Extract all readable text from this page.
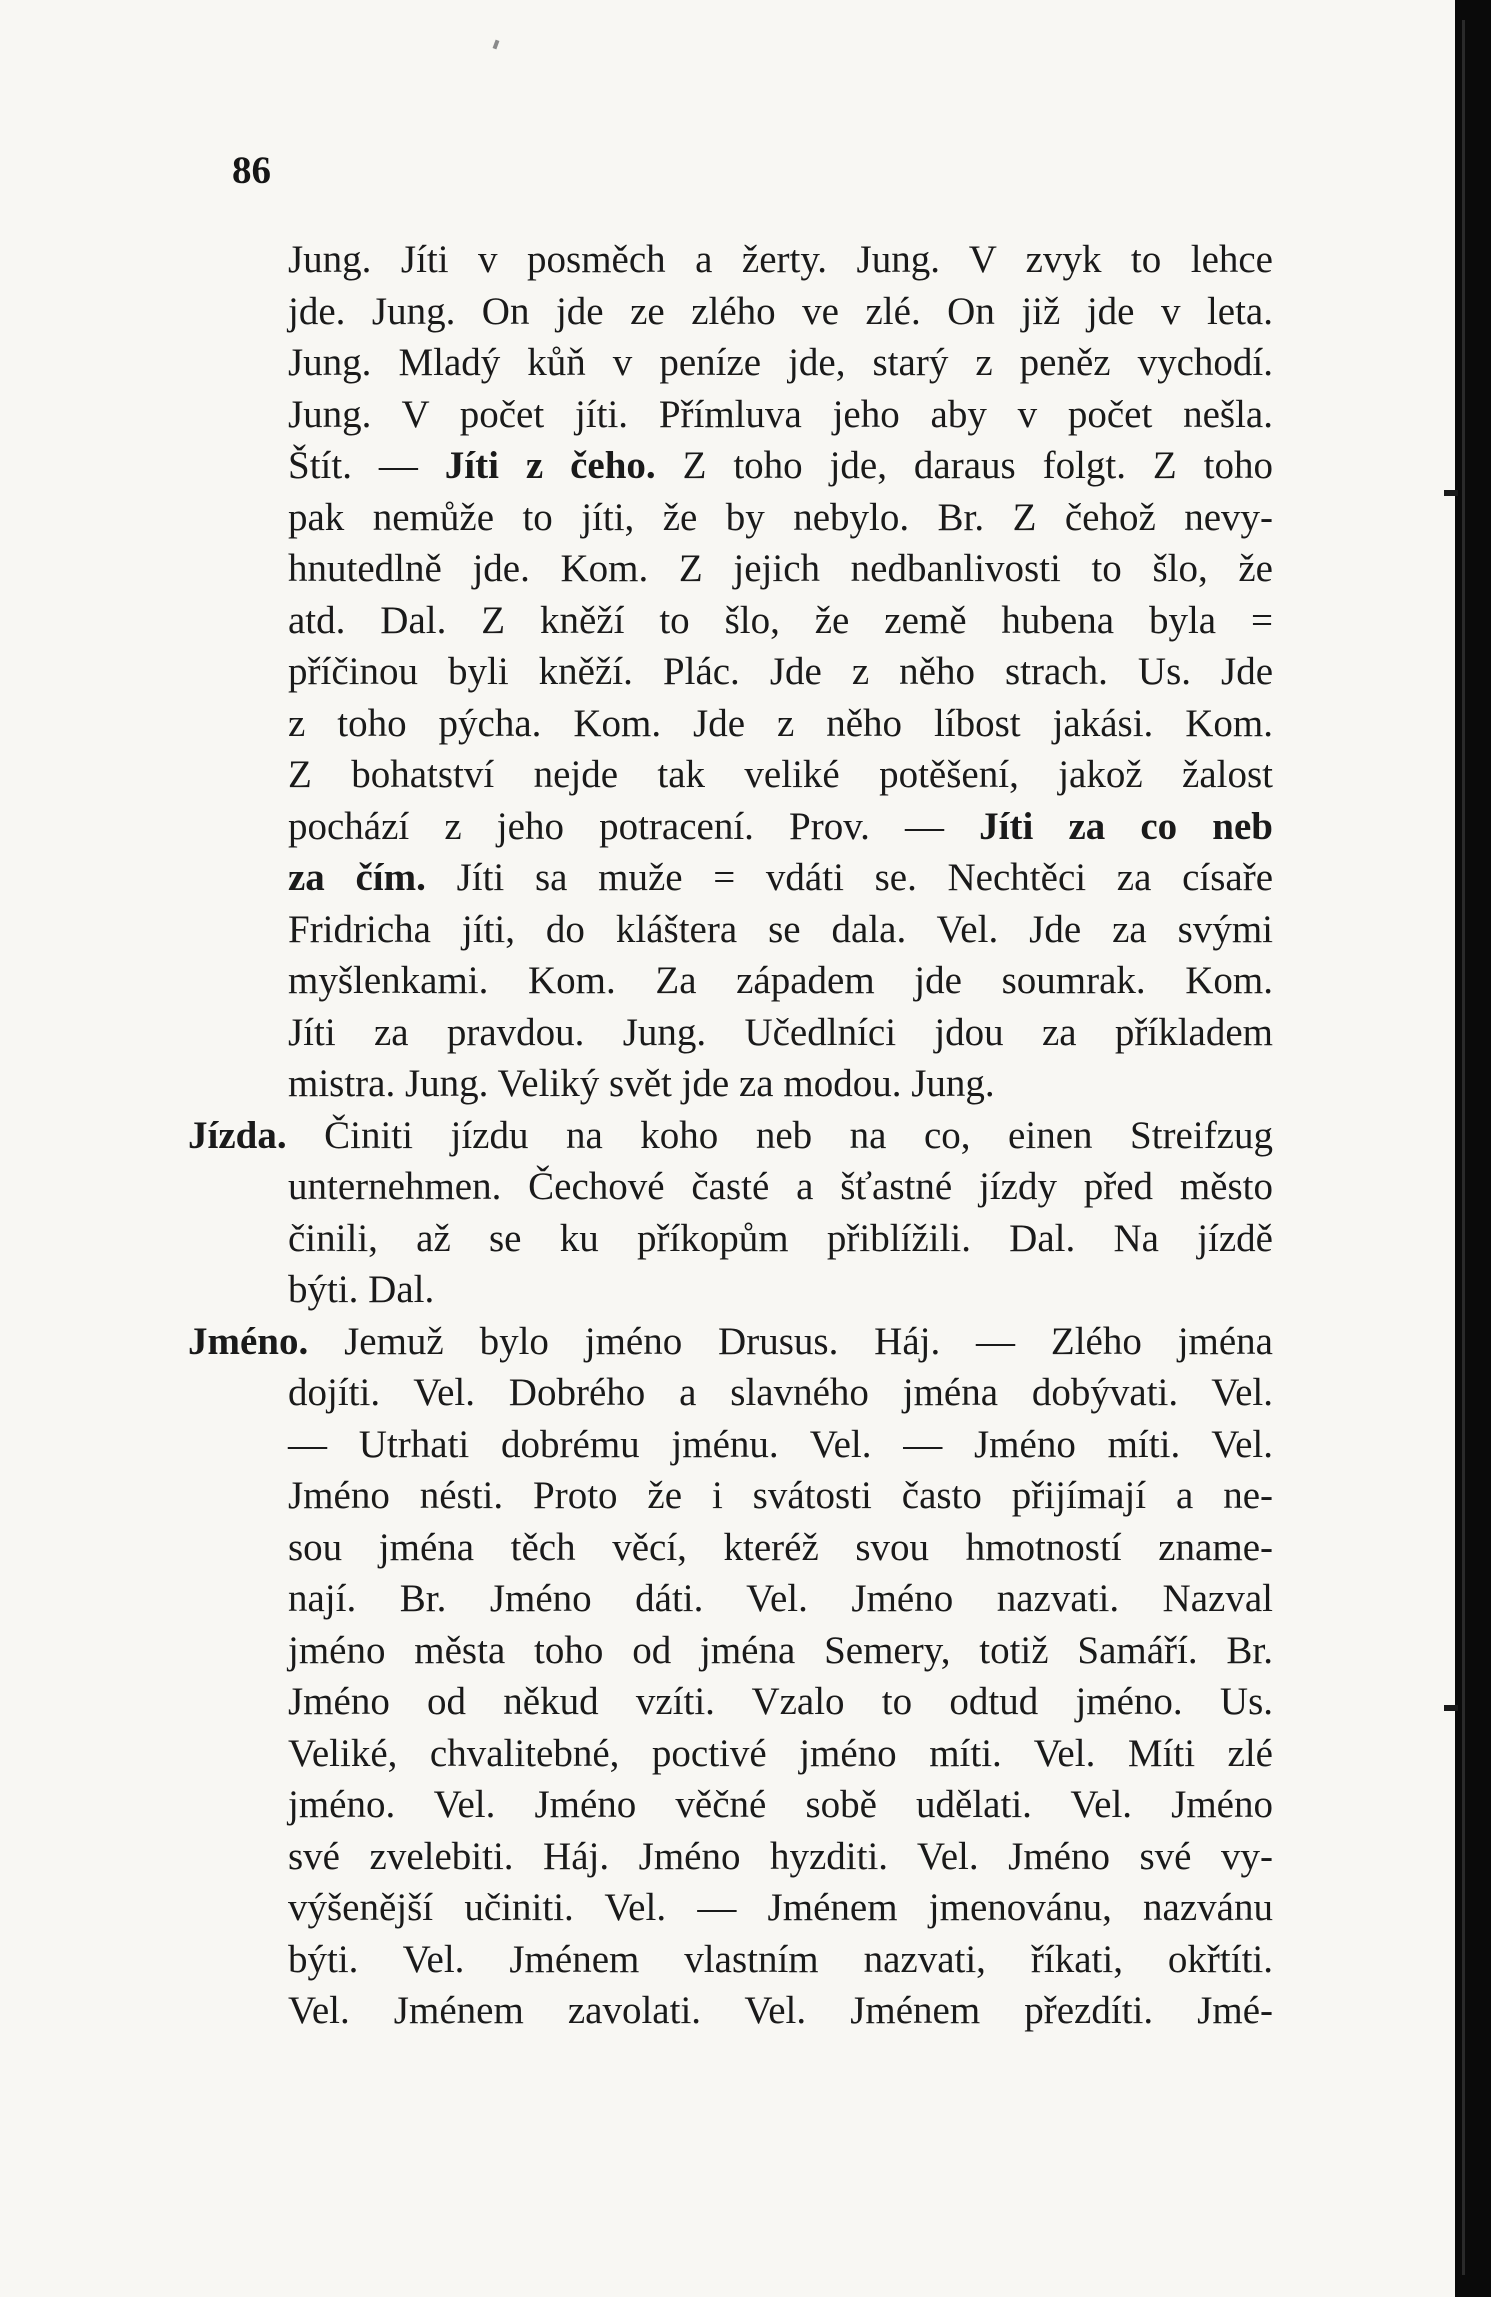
86
Jung. Jíti v posměch a žerty. Jung. V zvyk to lehce
jde. Jung. On jde ze zlého ve zlé. On již jde v leta.
Jung. Mladý kůň v peníze jde, starý z peněz vychodí.
Jung. V počet jíti. Přímluva jeho aby v počet nešla.
Štít. — Jíti z čeho. Z toho jde, daraus folgt. Z toho
pak nemůže to jíti, že by nebylo. Br. Z čehož nevy-
hnutedlně jde. Kom. Z jejich nedbanlivosti to šlo, že
atd. Dal. Z kněží to šlo, že země hubena byla =
příčinou byli kněží. Plác. Jde z něho strach. Us. Jde
z toho pýcha. Kom. Jde z něho líbost jakási. Kom.
Z bohatství nejde tak veliké potěšení, jakož žalost
pochází z jeho potracení. Prov. — Jíti za co neb
za čím. Jíti sa muže = vdáti se. Nechtěci za císaře
Fridricha jíti, do kláštera se dala. Vel. Jde za svými
myšlenkami. Kom. Za západem jde soumrak. Kom.
Jíti za pravdou. Jung. Učedlníci jdou za příkladem
mistra. Jung. Veliký svět jde za modou. Jung.
Jízda. Činiti jízdu na koho neb na co, einen Streifzug
unternehmen. Čechové časté a šťastné jízdy před město
činili, až se ku příkopům přiblížili. Dal. Na jízdě
býti. Dal.
Jméno. Jemuž bylo jméno Drusus. Háj. — Zlého jména
dojíti. Vel. Dobrého a slavného jména dobývati. Vel.
— Utrhati dobrému jménu. Vel. — Jméno míti. Vel.
Jméno nésti. Proto že i svátosti často přijímají a ne-
sou jména těch věcí, kteréž svou hmotností zname-
nají. Br. Jméno dáti. Vel. Jméno nazvati. Nazval
jméno města toho od jména Semery, totiž Samáří. Br.
Jméno od někud vzíti. Vzalo to odtud jméno. Us.
Veliké, chvalitebné, poctivé jméno míti. Vel. Míti zlé
jméno. Vel. Jméno věčné sobě udělati. Vel. Jméno
své zvelebiti. Háj. Jméno hyzditi. Vel. Jméno své vy-
výšenější učiniti. Vel. — Jménem jmenovánu, nazvánu
býti. Vel. Jménem vlastním nazvati, říkati, okřtíti.
Vel. Jménem zavolati. Vel. Jménem přezdíti. Jmé-
